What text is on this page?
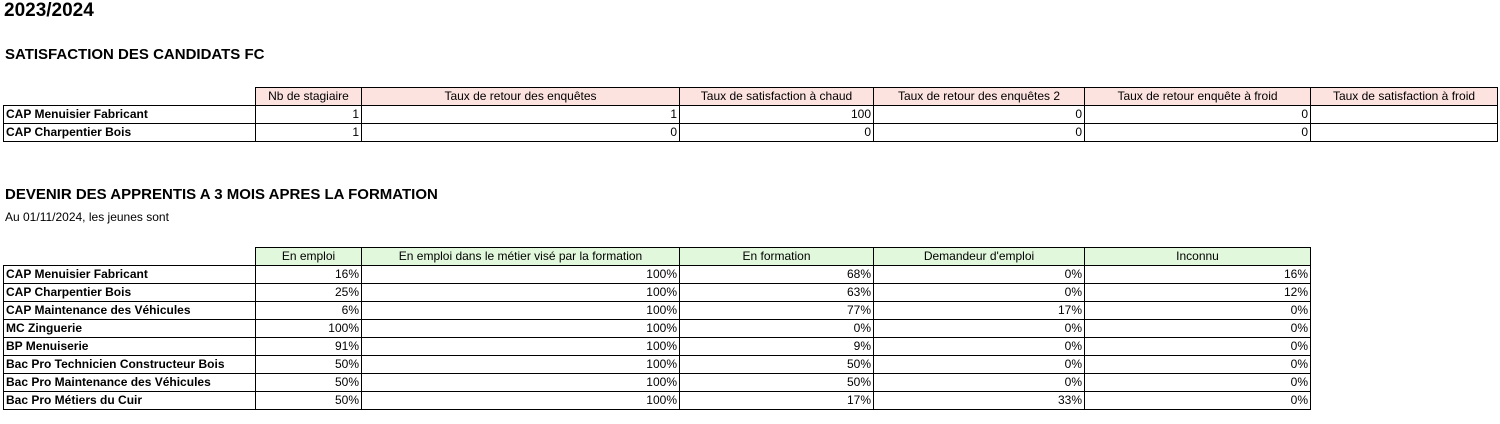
2023/2024
SATISFACTION DES CANDIDATS FC
	Nb de stagiaire	Taux de retour des enquêtes	Taux de satisfaction à chaud	Taux de retour des enquêtes 2	Taux de retour enquête à froid	Taux de satisfaction à froid
CAP Menuisier Fabricant	1	1	100	0	0	
CAP Charpentier Bois	1	0	0	0	0	
DEVENIR DES APPRENTIS A 3 MOIS APRES LA FORMATION
Au 01/11/2024, les jeunes sont
	En emploi	En emploi dans le métier visé par la formation	En formation	Demandeur d'emploi	Inconnu
CAP Menuisier Fabricant	16%	100%	68%	0%	16%
CAP Charpentier Bois	25%	100%	63%	0%	12%
CAP Maintenance des Véhicules	6%	100%	77%	17%	0%
MC Zinguerie	100%	100%	0%	0%	0%
BP Menuiserie	91%	100%	9%	0%	0%
Bac Pro Technicien Constructeur Bois	50%	100%	50%	0%	0%
Bac Pro Maintenance des Véhicules	50%	100%	50%	0%	0%
Bac Pro Métiers du Cuir	50%	100%	17%	33%	0%
